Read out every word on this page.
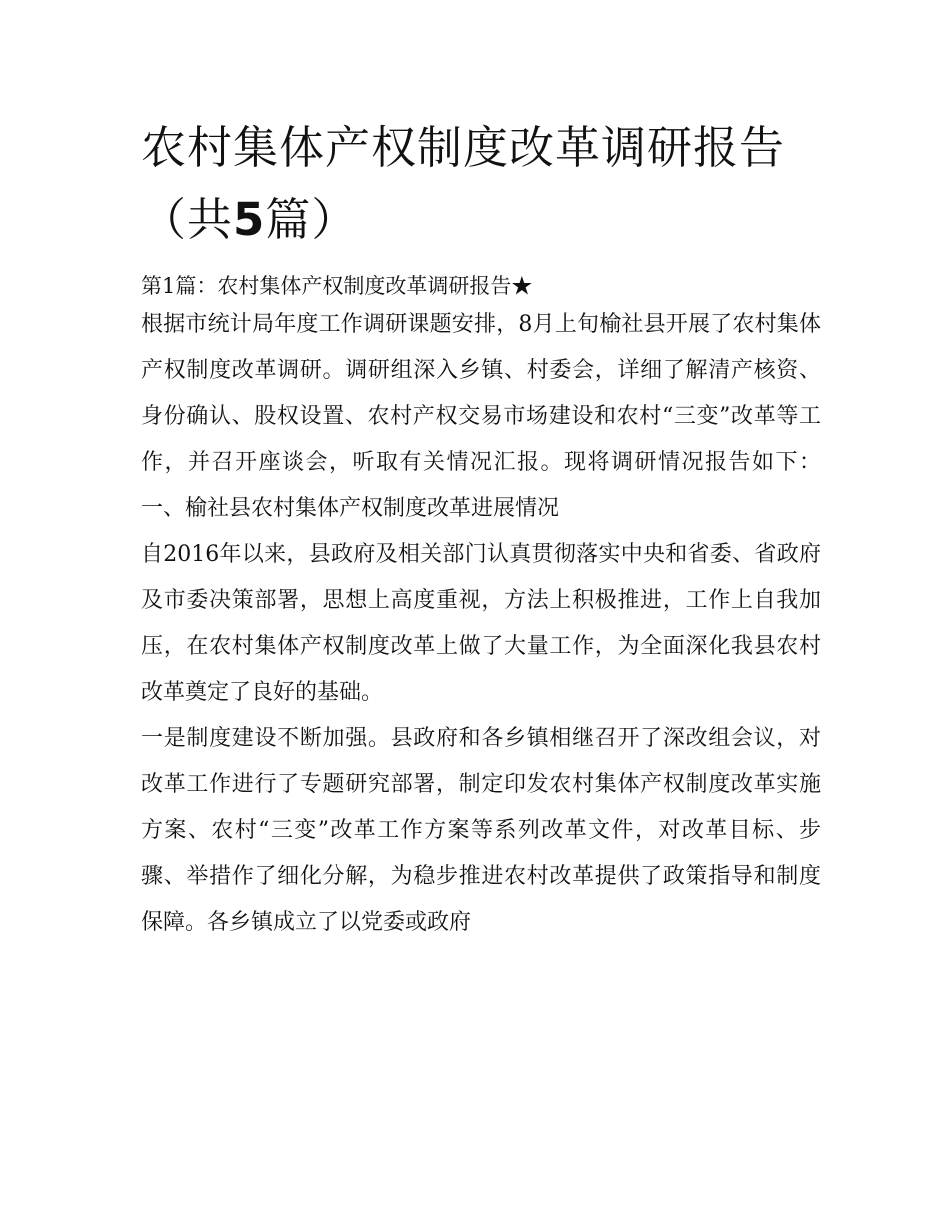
农村集体产权制度改革调研报告（共5篇）
第1篇：农村集体产权制度改革调研报告★

根据市统计局年度工作调研课题安排，8月上旬榆社县开展了农村集体产权制度改革调研。调研组深入乡镇、村委会，详细了解清产核资、身份确认、股权设置、农村产权交易市场建设和农村“三变”改革等工作，并召开座谈会，听取有关情况汇报。现将调研情况报告如下：一、榆社县农村集体产权制度改革进展情况

自2016年以来，县政府及相关部门认真贯彻落实中央和省委、省政府及市委决策部署，思想上高度重视，方法上积极推进，工作上自我加压，在农村集体产权制度改革上做了大量工作，为全面深化我县农村改革奠定了良好的基础。

一是制度建设不断加强。县政府和各乡镇相继召开了深改组会议，对改革工作进行了专题研究部署，制定印发农村集体产权制度改革实施方案、农村“三变”改革工作方案等系列改革文件，对改革目标、步骤、举措作了细化分解，为稳步推进农村改革提供了政策指导和制度保障。各乡镇成立了以党委或政府
